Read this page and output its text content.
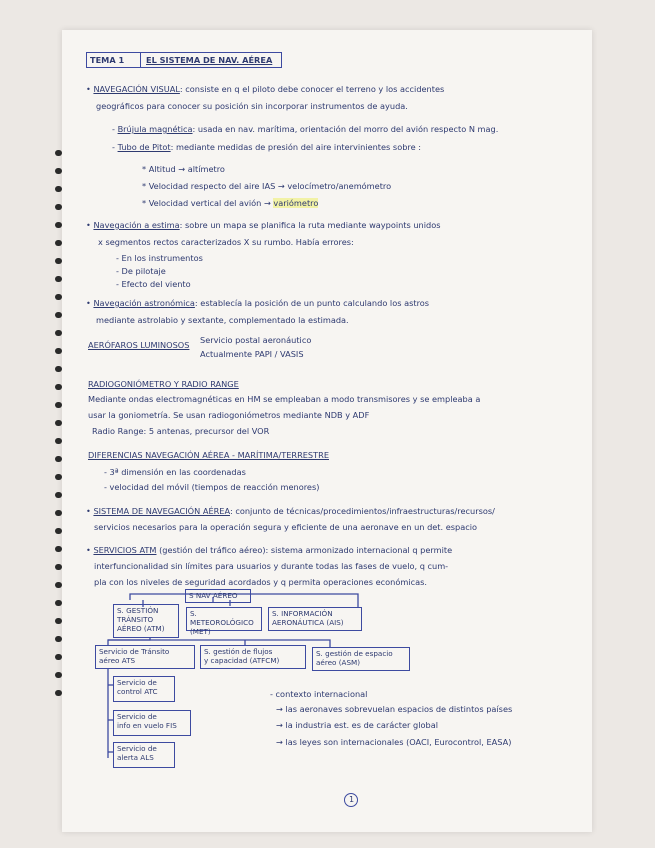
TEMA 1	EL SISTEMA DE NAV. AÉREA
• NAVEGACIÓN VISUAL: consiste en q el piloto debe conocer el terreno y los accidentes
geográficos para conocer su posición sin incorporar instrumentos de ayuda.
- Brújula magnética: usada en nav. marítima, orientación del morro del avión respecto N mag.
- Tubo de Pitot: mediante medidas de presión del aire intervinientes sobre :
* Altitud → altímetro
* Velocidad respecto del aire IAS → velocímetro/anemómetro
* Velocidad vertical del avión → variómetro
• Navegación a estima: sobre un mapa se planifica la ruta mediante waypoints unidos
x segmentos rectos caracterizados X su rumbo. Había errores:
- En los instrumentos
- De pilotaje
- Efecto del viento
• Navegación astronómica: establecía la posición de un punto calculando los astros
mediante astrolabio y sextante, complementado la estimada.
AERÓFAROS LUMINOSOS Servicio postal aeronáutico
Actualmente PAPI / VASIS
RADIOGONIÓMETRO Y RADIO RANGE
Mediante ondas electromagnéticas en HM se empleaban a modo transmisores y se empleaba a
usar la goniometría. Se usan radiogoniómetros mediante NDB y ADF
Radio Range: 5 antenas, precursor del VOR
DIFERENCIAS NAVEGACIÓN AÉREA - MARÍTIMA/TERRESTRE
- 3ª dimensión en las coordenadas
- velocidad del móvil (tiempos de reacción menores)
• SISTEMA DE NAVEGACIÓN AÉREA: conjunto de técnicas/procedimientos/infraestructuras/recursos/
servicios necesarios para la operación segura y eficiente de una aeronave en un det. espacio
• SERVICIOS ATM (gestión del tráfico aéreo): sistema armonizado internacional q permite
interfuncionalidad sin límites para usuarios y durante todas las fases de vuelo, q cum-
pla con los niveles de seguridad acordados y q permita operaciones económicas.
S NAV AÉREO
S. GESTIÓN
TRÁNSITO
AÉREO (ATM)
S. METEOROLÓGICO
(MET)
S. INFORMACIÓN
AERONÁUTICA (AIS)
Servicio de Tránsito
aéreo ATS
S. gestión de flujos
y capacidad (ATFCM)
S. gestión de espacio
aéreo (ASM)
Servicio de
control ATC
Servicio de
info en vuelo FIS
Servicio de
alerta ALS
- contexto internacional
→ las aeronaves sobrevuelan espacios de distintos países
→ la industria est. es de carácter global
→ las leyes son internacionales (OACI, Eurocontrol, EASA)
1
